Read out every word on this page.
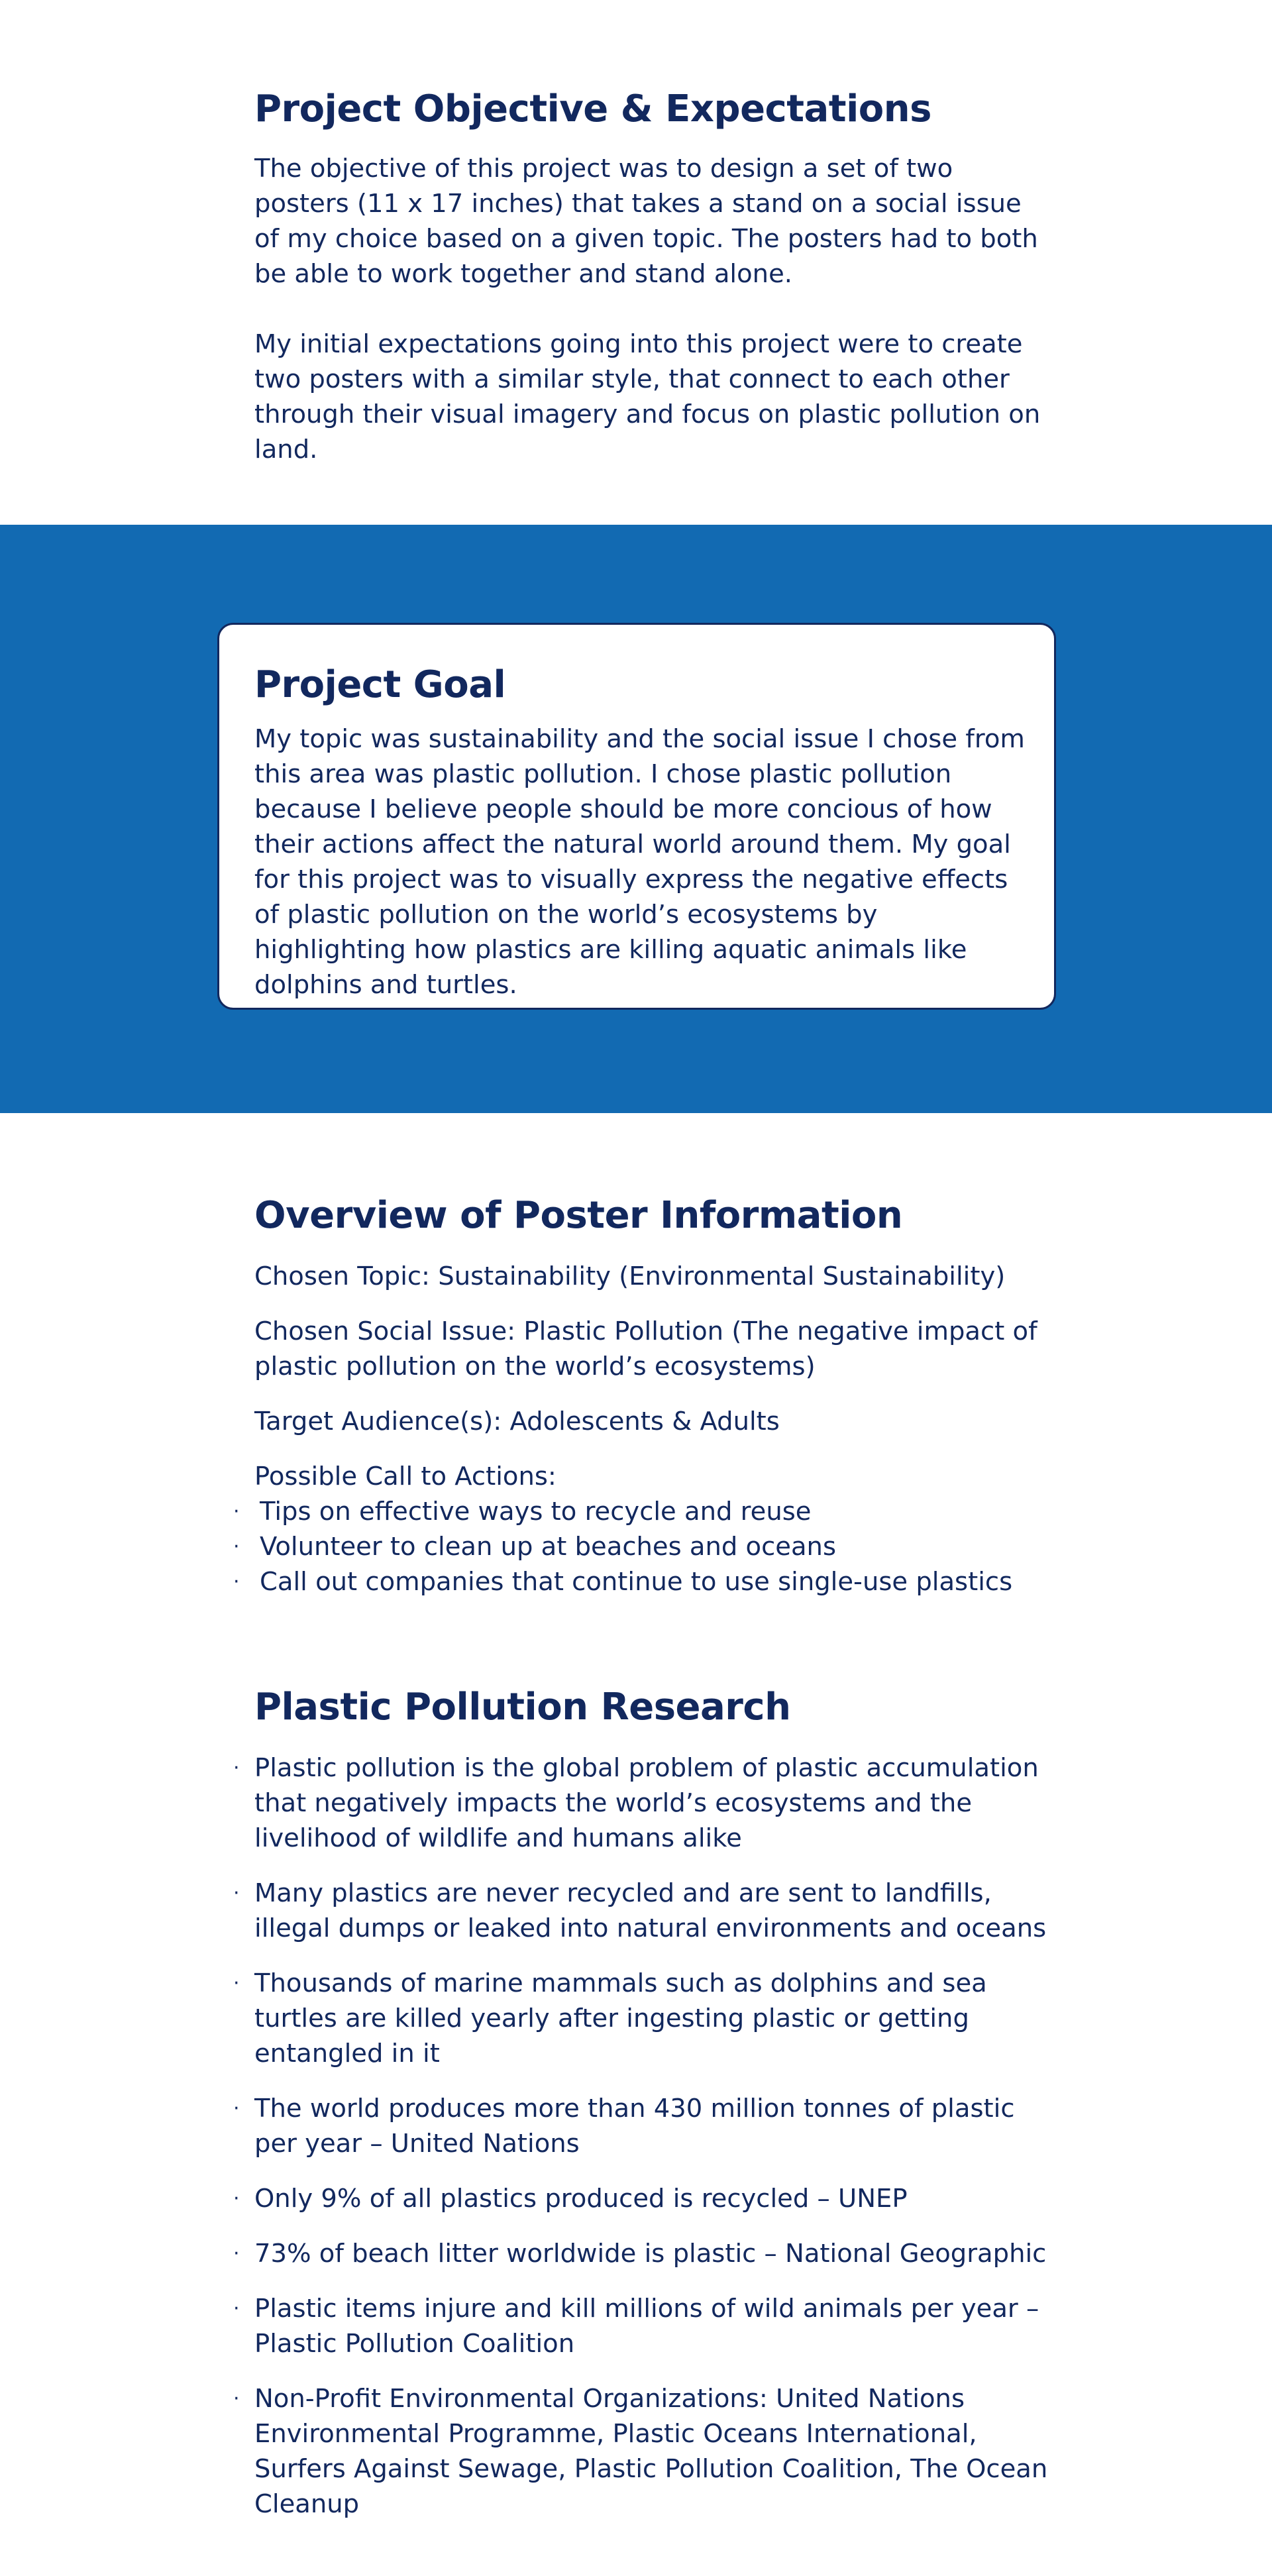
Project Objective & Expectations

The objective of this project was to design a set of two posters (11 x 17 inches) that takes a stand on a social issue of my choice based on a given topic. The posters had to both be able to work together and stand alone.

My initial expectations going into this project were to create two posters with a similar style, that connect to each other through their visual imagery and focus on plastic pollution on land.

Project Goal

My topic was sustainability and the social issue I chose from this area was plastic pollution. I chose plastic pollution because I believe people should be more concious of how their actions affect the natural world around them. My goal for this project was to visually express the negative effects of plastic pollution on the world’s ecosystems by highlighting how plastics are killing aquatic animals like dolphins and turtles.

Overview of Poster Information

Chosen Topic: Sustainability (Environmental Sustainability)

Chosen Social Issue: Plastic Pollution (The negative impact of plastic pollution on the world’s ecosystems)

Target Audience(s): Adolescents & Adults

Possible Call to Actions:

· Tips on effective ways to recycle and reuse
· Volunteer to clean up at beaches and oceans
· Call out companies that continue to use single-use plastics
Plastic Pollution Research
· Plastic pollution is the global problem of plastic accumulation that negatively impacts the world’s ecosystems and the livelihood of wildlife and humans alike
· Many plastics are never recycled and are sent to landfills, illegal dumps or leaked into natural environments and oceans
· Thousands of marine mammals such as dolphins and sea turtles are killed yearly after ingesting plastic or getting entangled in it
· The world produces more than 430 million tonnes of plastic per year – United Nations
· Only 9% of all plastics produced is recycled – UNEP
· 73% of beach litter worldwide is plastic – National Geographic
· Plastic items injure and kill millions of wild animals per year – Plastic Pollution Coalition
· Non-Profit Environmental Organizations: United Nations Environmental Programme, Plastic Oceans International, Surfers Against Sewage, Plastic Pollution Coalition, The Ocean Cleanup
